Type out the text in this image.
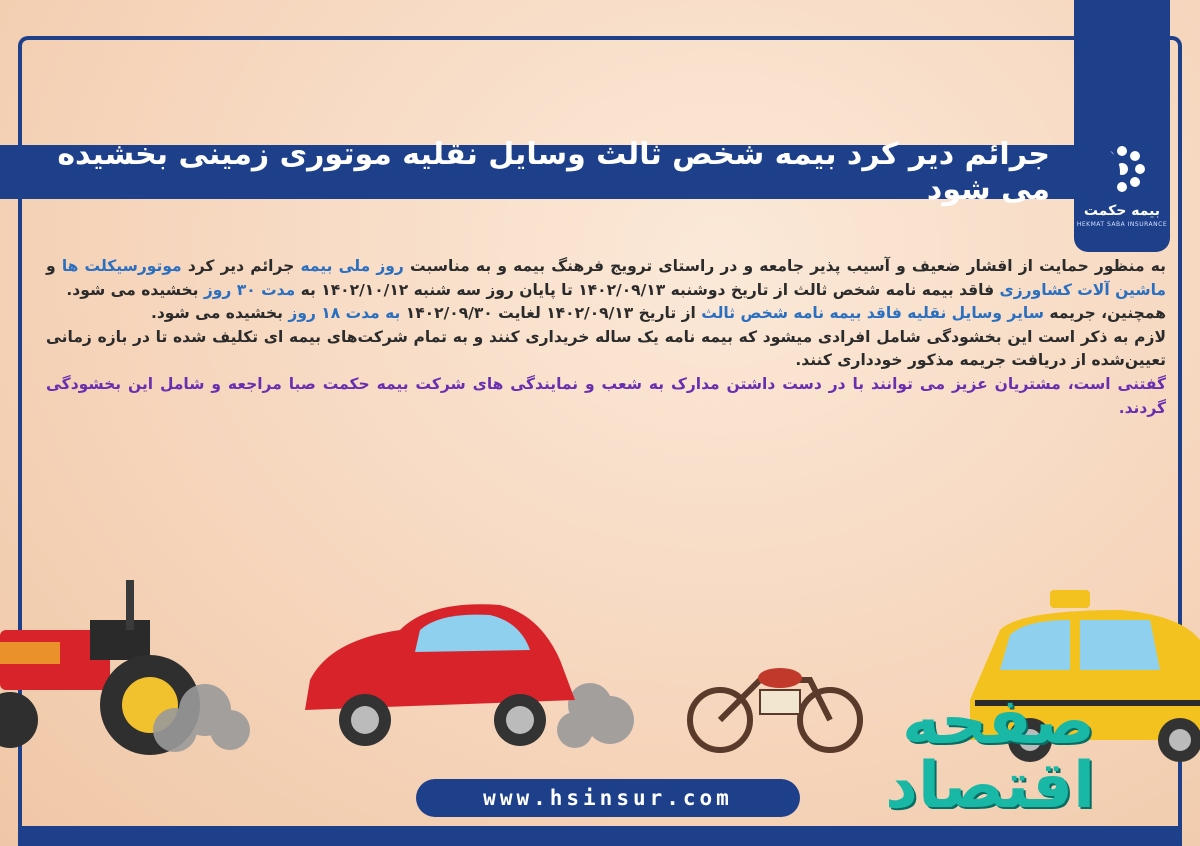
بیمه حکمت
HEKMAT SABA INSURANCE
جرائم دیر کرد بیمه شخص ثالث وسایل نقلیه موتوری زمینی بخشیده می شود

به منظور حمایت از اقشار ضعیف و آسیب پذیر جامعه و در راستای ترویج فرهنگ بیمه و به مناسبت روز ملی بیمه جرائم دیر کرد موتورسیکلت ها و ماشین آلات کشاورزی فاقد بیمه نامه شخص ثالث از تاریخ دوشنبه ۱۴۰۲/۰۹/۱۳ تا پایان روز سه شنبه ۱۴۰۲/۱۰/۱۲ به مدت ۳۰ روز بخشیده می شود.

همچنین، جریمه سایر وسایل نقلیه فاقد بیمه نامه شخص ثالث از تاریخ ۱۴۰۲/۰۹/۱۳ لغایت ۱۴۰۲/۰۹/۳۰ به مدت ۱۸ روز بخشیده می شود.

لازم به ذکر است این بخشودگی شامل افرادی میشود که بیمه نامه یک ساله خریداری کنند و به تمام شرکت‌های بیمه ای تکلیف شده تا در بازه زمانی تعیین‌شده از دریافت جریمه مذکور خودداری کنند.

گفتنی است، مشتریان عزیز می توانند با در دست داشتن مدارک به شعب و نمایندگی های شرکت بیمه حکمت صبا مراجعه و شامل این بخشودگی گردند.

صفحه اقتصاد
www.hsinsur.com
